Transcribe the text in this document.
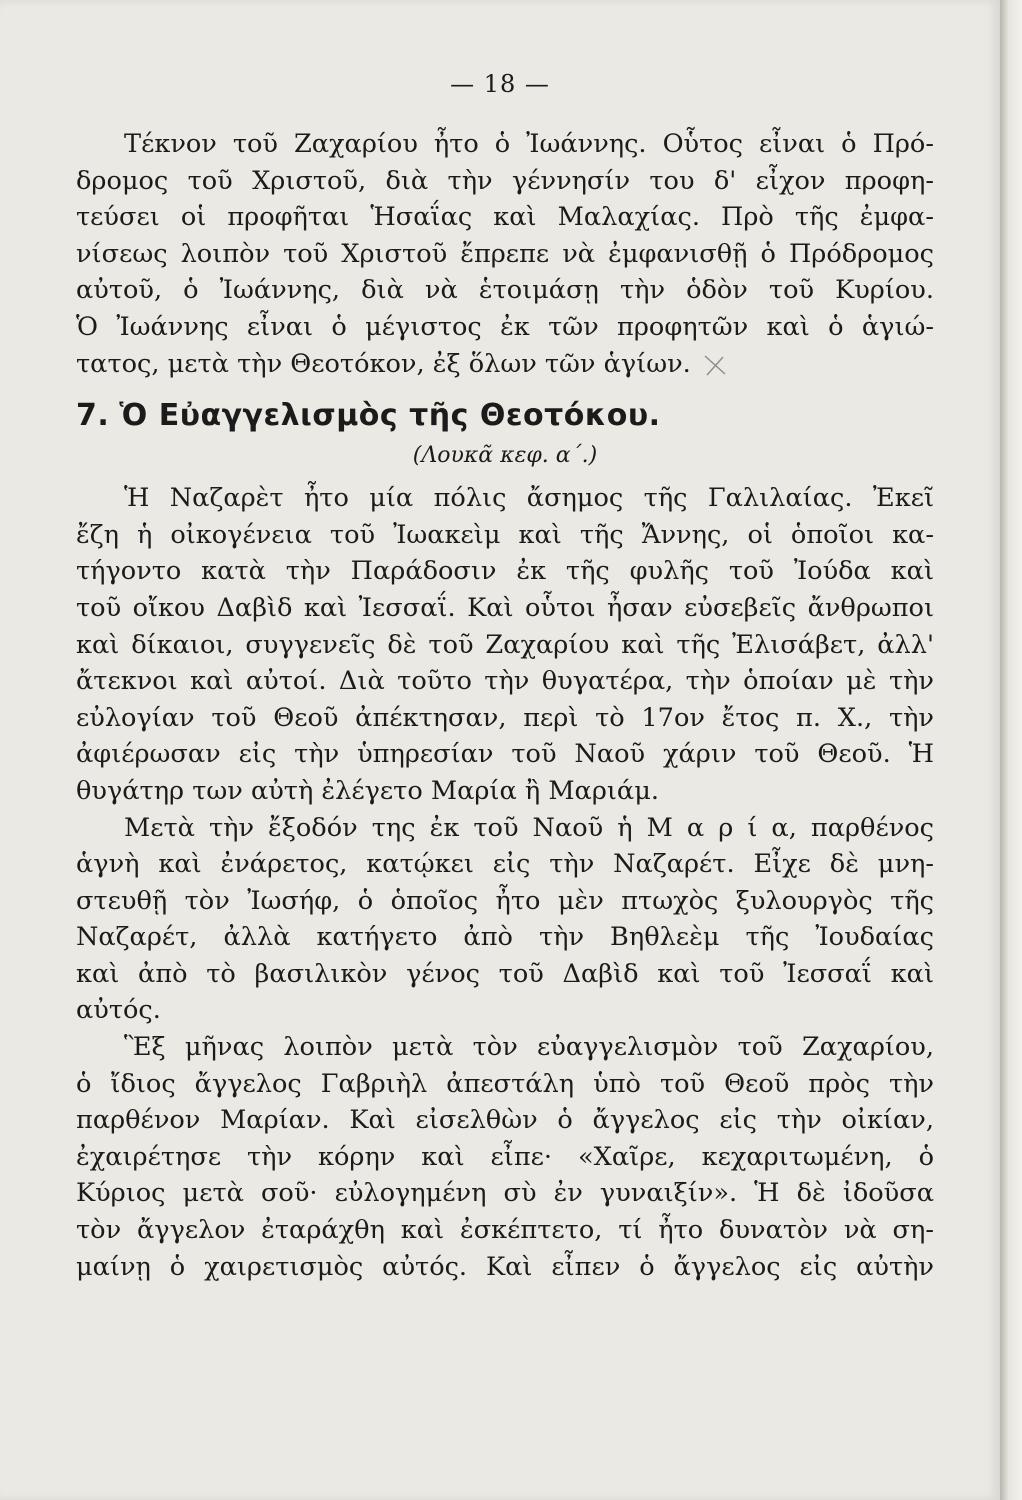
— 18 —
Τέκνον τοῦ Ζαχαρίου ἦτο ὁ Ἰωάννης. Οὗτος εἶναι ὁ Πρό-
δρομος τοῦ Χριστοῦ, διὰ τὴν γέννησίν του δ' εἶχον προφη-
τεύσει οἱ προφῆται Ἡσαΐας καὶ Μαλαχίας. Πρὸ τῆς ἐμφα-
νίσεως λοιπὸν τοῦ Χριστοῦ ἔπρεπε νὰ ἐμφανισθῇ ὁ Πρόδρομος
αὐτοῦ, ὁ Ἰωάννης, διὰ νὰ ἑτοιμάσῃ τὴν ὁδὸν τοῦ Κυρίου.
Ὁ Ἰωάννης εἶναι ὁ μέγιστος ἐκ τῶν προφητῶν καὶ ὁ ἁγιώ-
τατος, μετὰ τὴν Θεοτόκον, ἐξ ὅλων τῶν ἁγίων.
7. Ὁ Εὐαγγελισμὸς τῆς Θεοτόκου.
(Λουκᾶ κεφ. α΄.)
Ἡ Ναζαρὲτ ἦτο μία πόλις ἄσημος τῆς Γαλιλαίας. Ἐκεῖ
ἔζη ἡ οἰκογένεια τοῦ Ἰωακεὶμ καὶ τῆς Ἄννης, οἱ ὁποῖοι κα-
τήγοντο κατὰ τὴν Παράδοσιν ἐκ τῆς φυλῆς τοῦ Ἰούδα καὶ
τοῦ οἴκου Δαβὶδ καὶ Ἰεσσαΐ. Καὶ οὗτοι ἦσαν εὐσεβεῖς ἄνθρωποι
καὶ δίκαιοι, συγγενεῖς δὲ τοῦ Ζαχαρίου καὶ τῆς Ἐλισάβετ, ἀλλ'
ἄτεκνοι καὶ αὐτοί. Διὰ τοῦτο τὴν θυγατέρα, τὴν ὁποίαν μὲ τὴν
εὐλογίαν τοῦ Θεοῦ ἀπέκτησαν, περὶ τὸ 17ον ἔτος π. Χ., τὴν
ἀφιέρωσαν εἰς τὴν ὑπηρεσίαν τοῦ Ναοῦ χάριν τοῦ Θεοῦ. Ἡ
θυγάτηρ των αὐτὴ ἐλέγετο Μαρία ἢ Μαριάμ.
Μετὰ τὴν ἔξοδόν της ἐκ τοῦ Ναοῦ ἡ Μ α ρ ί α, παρθένος
ἁγνὴ καὶ ἐνάρετος, κατῴκει εἰς τὴν Ναζαρέτ. Εἶχε δὲ μνη-
στευθῇ τὸν Ἰωσήφ, ὁ ὁποῖος ἦτο μὲν πτωχὸς ξυλουργὸς τῆς
Ναζαρέτ, ἀλλὰ κατήγετο ἀπὸ τὴν Βηθλεὲμ τῆς Ἰουδαίας
καὶ ἀπὸ τὸ βασιλικὸν γένος τοῦ Δαβὶδ καὶ τοῦ Ἰεσσαΐ καὶ
αὐτός.
Ἓξ μῆνας λοιπὸν μετὰ τὸν εὐαγγελισμὸν τοῦ Ζαχαρίου,
ὁ ἴδιος ἄγγελος Γαβριὴλ ἀπεστάλη ὑπὸ τοῦ Θεοῦ πρὸς τὴν
παρθένον Μαρίαν. Καὶ εἰσελθὼν ὁ ἄγγελος εἰς τὴν οἰκίαν,
ἐχαιρέτησε τὴν κόρην καὶ εἶπε· «Χαῖρε, κεχαριτωμένη, ὁ
Κύριος μετὰ σοῦ· εὐλογημένη σὺ ἐν γυναιξίν». Ἡ δὲ ἰδοῦσα
τὸν ἄγγελον ἐταράχθη καὶ ἐσκέπτετο, τί ἦτο δυνατὸν νὰ ση-
μαίνῃ ὁ χαιρετισμὸς αὐτός. Καὶ εἶπεν ὁ ἄγγελος εἰς αὐτὴν
